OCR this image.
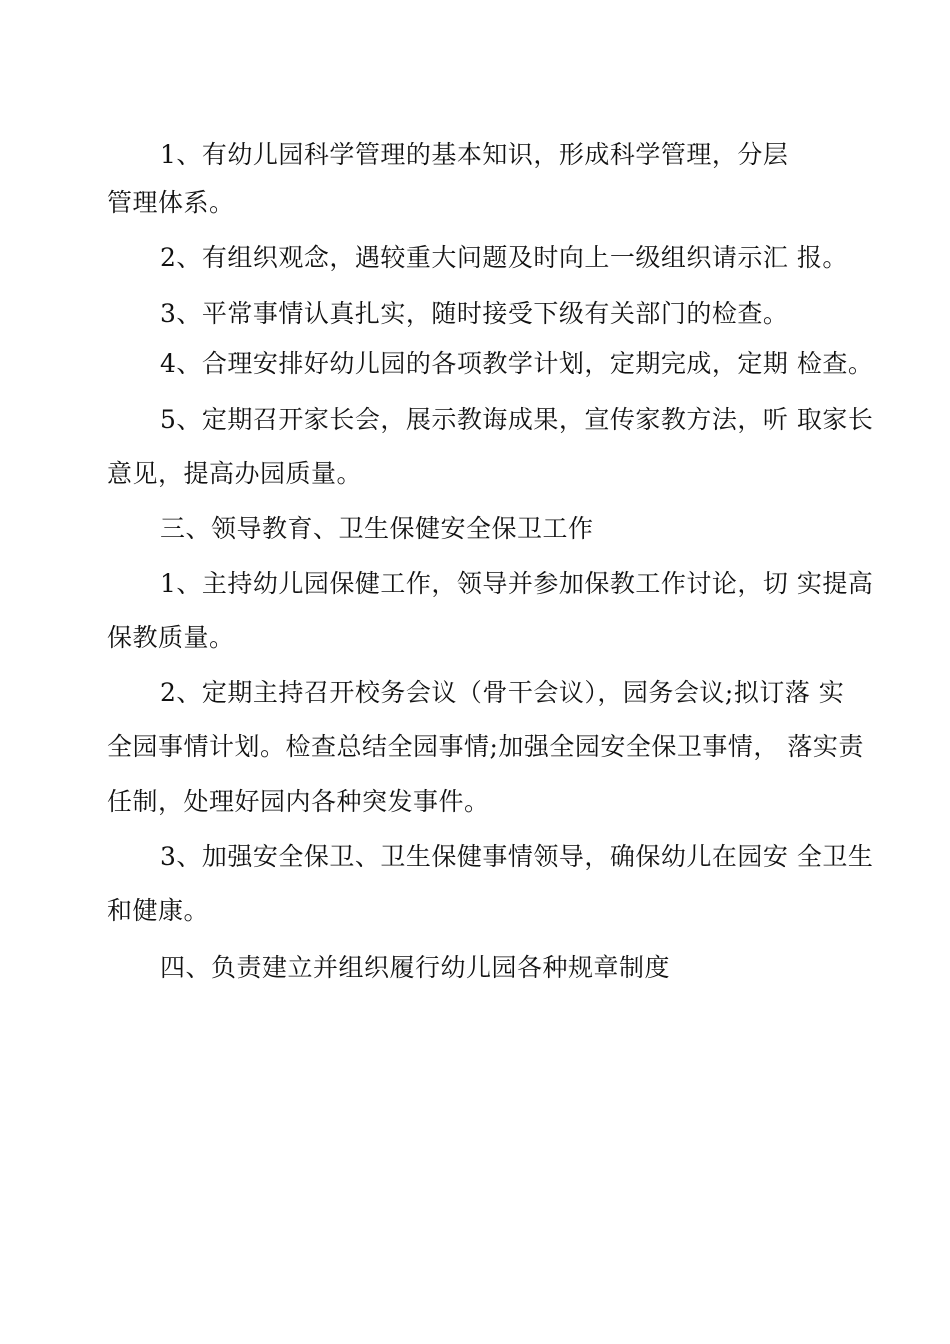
1、有幼儿园科学管理的基本知识，形成科学管理，分层
管理体系。
2、有组织观念，遇较重大问题及时向上一级组织请示汇 报。
3、平常事情认真扎实，随时接受下级有关部门的检查。
4、合理安排好幼儿园的各项教学计划，定期完成，定期 检查。
5、定期召开家长会，展示教诲成果，宣传家教方法，听 取家长
意见，提高办园质量。
三、领导教育、卫生保健安全保卫工作
1、主持幼儿园保健工作，领导并参加保教工作讨论，切 实提高
保教质量。
2、定期主持召开校务会议（骨干会议），园务会议;拟订落 实
全园事情计划。检查总结全园事情;加强全园安全保卫事情， 落实责
任制，处理好园内各种突发事件。
3、加强安全保卫、卫生保健事情领导，确保幼儿在园安 全卫生
和健康。
四、负责建立并组织履行幼儿园各种规章制度
